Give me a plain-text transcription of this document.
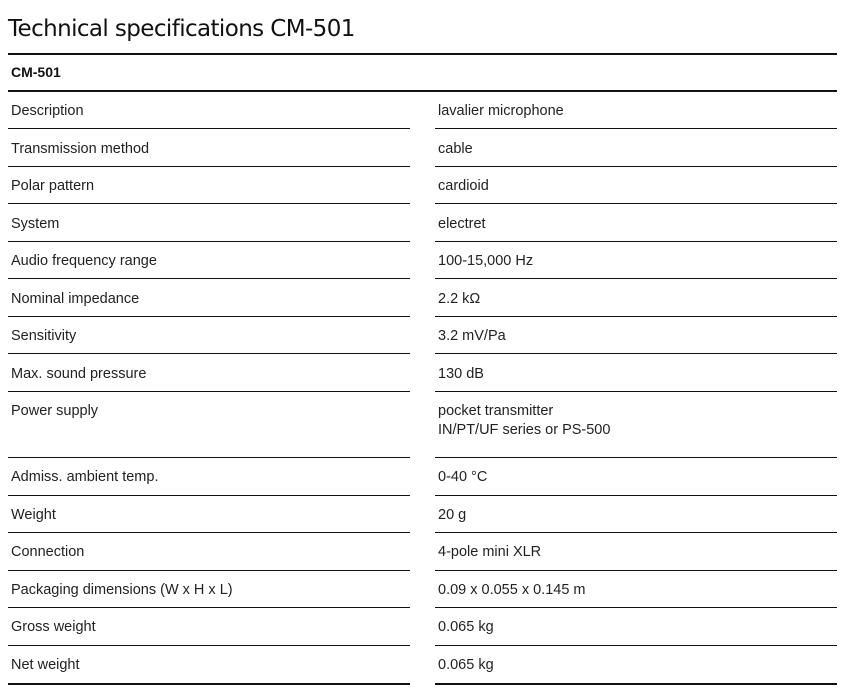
Technical specifications CM-501
CM-501
Description	lavalier microphone
Transmission method	cable
Polar pattern	cardioid
System	electret
Audio frequency range	100-15,000 Hz
Nominal impedance	2.2 kΩ
Sensitivity	3.2 mV/Pa
Max. sound pressure	130 dB
Power supply	pocket transmitter
IN/PT/UF series or PS-500
Admiss. ambient temp.	0-40 °C
Weight	20 g
Connection	4-pole mini XLR
Packaging dimensions (W x H x L)	0.09 x 0.055 x 0.145 m
Gross weight	0.065 kg
Net weight	0.065 kg
